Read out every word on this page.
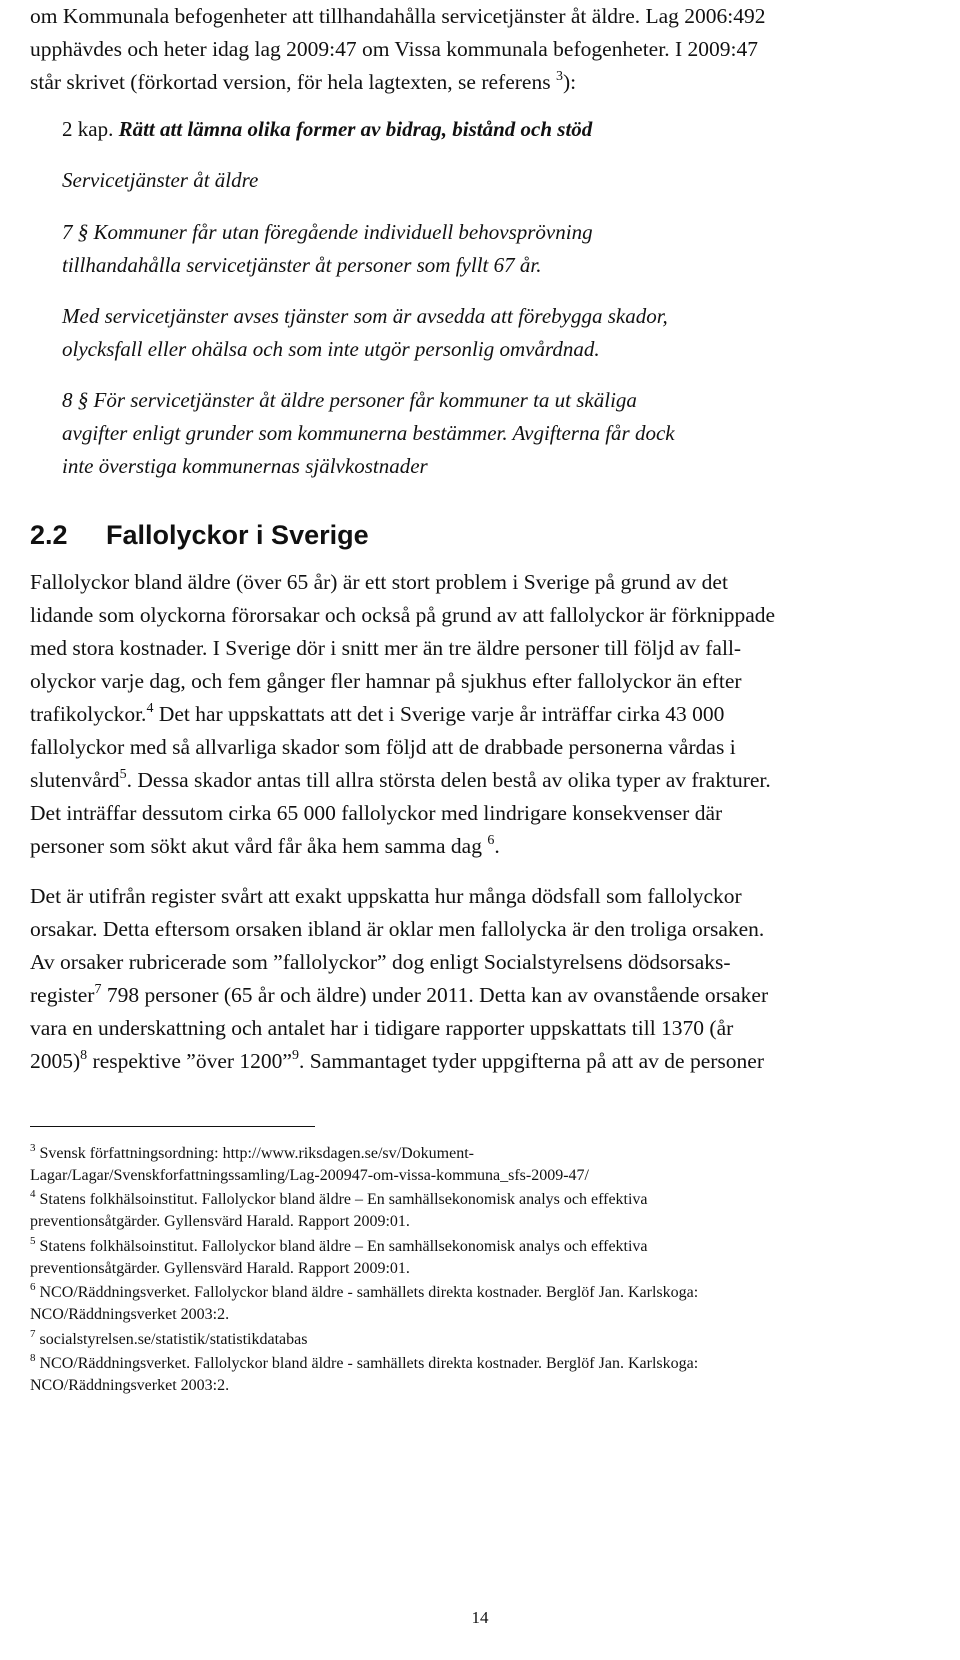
om Kommunala befogenheter att tillhandahålla servicetjänster åt äldre. Lag 2006:492
upphävdes och heter idag lag 2009:47 om Vissa kommunala befogenheter. I 2009:47
står skrivet (förkortad version, för hela lagtexten, se referens $^3$):
2 kap. Rätt att lämna olika former av bidrag, bistånd och stöd
Servicetjänster åt äldre
7 § Kommuner får utan föregående individuell behovsprövning
tillhandahålla servicetjänster åt personer som fyllt 67 år.
Med servicetjänster avses tjänster som är avsedda att förebygga skador,
olycksfall eller ohälsa och som inte utgör personlig omvårdnad.
8 § För servicetjänster åt äldre personer får kommuner ta ut skäliga
avgifter enligt grunder som kommunerna bestämmer. Avgifterna får dock
inte överstiga kommunernas självkostnader
2.2 Fallolyckor i Sverige
Fallolyckor bland äldre (över 65 år) är ett stort problem i Sverige på grund av det
lidande som olyckorna förorsakar och också på grund av att fallolyckor är förknippade
med stora kostnader. I Sverige dör i snitt mer än tre äldre personer till följd av fall-
olyckor varje dag, och fem gånger fler hamnar på sjukhus efter fallolyckor än efter
trafikolyckor.$^4$ Det har uppskattats att det i Sverige varje år inträffar cirka 43 000
fallolyckor med så allvarliga skador som följd att de drabbade personerna vårdas i
slutenvård$^5$. Dessa skador antas till allra största delen bestå av olika typer av frakturer.
Det inträffar dessutom cirka 65 000 fallolyckor med lindrigare konsekvenser där
personer som sökt akut vård får åka hem samma dag $^6$.
Det är utifrån register svårt att exakt uppskatta hur många dödsfall som fallolyckor
orsakar. Detta eftersom orsaken ibland är oklar men fallolycka är den troliga orsaken.
Av orsaker rubricerade som ”fallolyckor” dog enligt Socialstyrelsens dödsorsaks-
register$^7$ 798 personer (65 år och äldre) under 2011. Detta kan av ovanstående orsaker
vara en underskattning och antalet har i tidigare rapporter uppskattats till 1370 (år
2005)$^8$ respektive ”över 1200”$^9$. Sammantaget tyder uppgifterna på att av de personer
$^3$ Svensk författningsordning: http://www.riksdagen.se/sv/Dokument-
Lagar/Lagar/Svenskforfattningssamling/Lag-200947-om-vissa-kommuna_sfs-2009-47/
$^4$ Statens folkhälsoinstitut. Fallolyckor bland äldre – En samhällsekonomisk analys och effektiva
preventionsåtgärder. Gyllensvärd Harald. Rapport 2009:01.
$^5$ Statens folkhälsoinstitut. Fallolyckor bland äldre – En samhällsekonomisk analys och effektiva
preventionsåtgärder. Gyllensvärd Harald. Rapport 2009:01.
$^6$ NCO/Räddningsverket. Fallolyckor bland äldre - samhällets direkta kostnader. Berglöf Jan. Karlskoga:
NCO/Räddningsverket 2003:2.
$^7$ socialstyrelsen.se/statistik/statistikdatabas
$^8$ NCO/Räddningsverket. Fallolyckor bland äldre - samhällets direkta kostnader. Berglöf Jan. Karlskoga:
NCO/Räddningsverket 2003:2.
14
